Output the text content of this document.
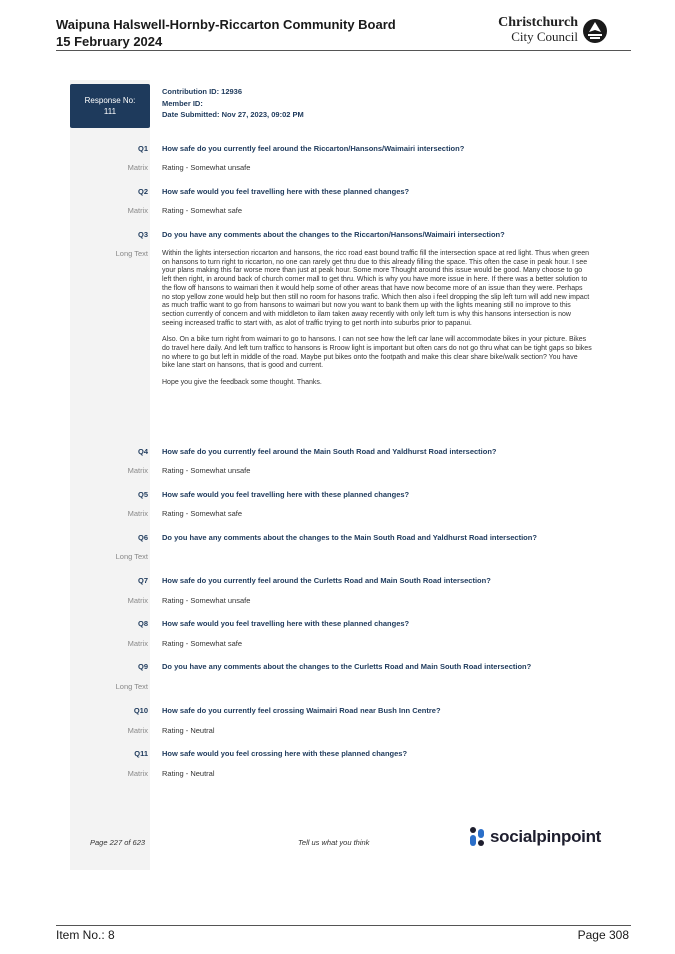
Waipuna Halswell-Hornby-Riccarton Community Board
15 February 2024
Christchurch
City Council
Response No:
111
Contribution ID: 12936
Member ID:
Date Submitted: Nov 27, 2023, 09:02 PM
Q1 How safe do you currently feel around the Riccarton/Hansons/Waimairi intersection?
Matrix Rating - Somewhat unsafe
Q2 How safe would you feel travelling here with these planned changes?
Matrix Rating - Somewhat safe
Q3 Do you have any comments about the changes to the Riccarton/Hansons/Waimairi intersection?
Long Text Within the lights intersection riccarton and hansons, the ricc road east bound traffic fill the intersection space at red light. Thus when green on hansons to turn right to riccarton, no one can rarely get thru due to this already filling the space. This often the case in peak hour. I see your plans making this far worse more than just at peak hour. Some more Thought around this issue would be good. Many choose to go left then right, in around back of church corner mall to get thru. Which is why you have more issue in here. If there was a better solution to the flow off hansons to waimari then it would help some of other areas that have now become more of an issue than they were. Perhaps no stop yellow zone would help but then still no room for hasons trafic. Which then also i feel dropping the slip left turn will add new impact as much traffic want to go from hansons to waimari but now you want to bank them up with the lights meaning still no improve to this section currently of concern and with middleton to ilam taken away recently with only left turn is why this hansons intersection is now seeing increased traffic to start with, as alot of traffic trying to get north into suburbs prior to papanui.

Also. On a bike turn right from waimari to go to hansons. I can not see how the left car lane will accommodate bikes in your picture. Bikes do travel here daily. And left turn trafficc to hansons is Rroow light is important but often cars do not go thru what can be tight gaps so bikes no where to go but left in middle of the road. Maybe put bikes onto the footpath and make this clear share bike/walk section? You have bike lane start on hansons, that is good and current.

Hope you give the feedback some thought. Thanks.

Q4 How safe do you currently feel around the Main South Road and Yaldhurst Road intersection?
Matrix Rating - Somewhat unsafe
Q5 How safe would you feel travelling here with these planned changes?
Matrix Rating - Somewhat safe
Q6 Do you have any comments about the changes to the Main South Road and Yaldhurst Road intersection?
Long Text
Q7 How safe do you currently feel around the Curletts Road and Main South Road intersection?
Matrix Rating - Somewhat unsafe
Q8 How safe would you feel travelling here with these planned changes?
Matrix Rating - Somewhat safe
Q9 Do you have any comments about the changes to the Curletts Road and Main South Road intersection?
Long Text
Q10 How safe do you currently feel crossing Waimairi Road near Bush Inn Centre?
Matrix Rating - Neutral
Q11 How safe would you feel crossing here with these planned changes?
Matrix Rating - Neutral
Page 227 of 623	Tell us what you think	socialpinpoint
Item No.: 8	Page 308
